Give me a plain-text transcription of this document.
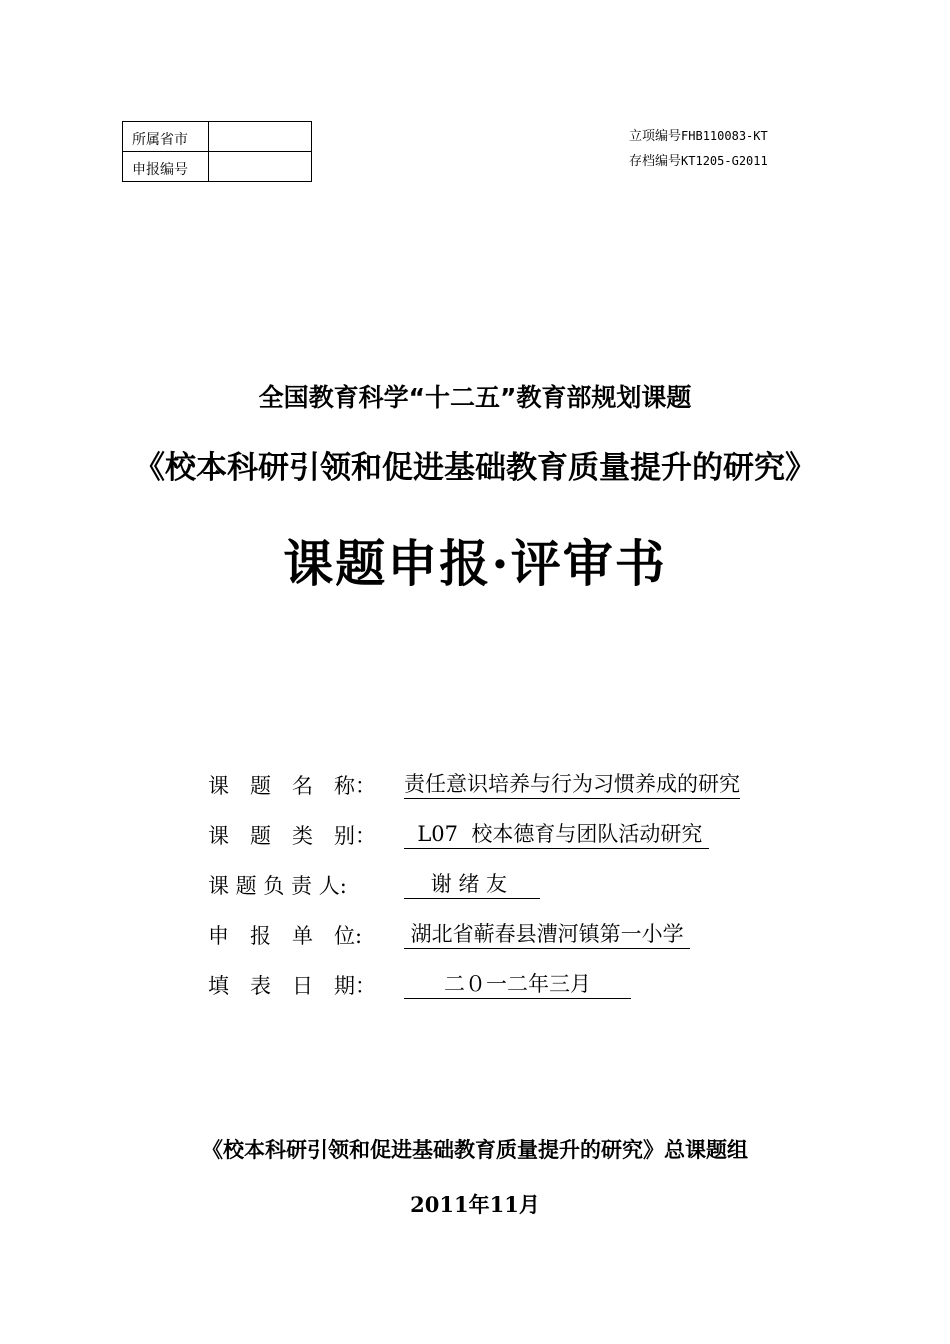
所属省市	
申报编号	
立项编号FHB110083-KT
存档编号KT1205-G2011
全国教育科学“十二五”教育部规划课题
《校本科研引领和促进基础教育质量提升的研究》
课题申报·评审书
课　题　名　称：	责任意识培养与行为习惯养成的研究
课　题　类　别：	L07  校本德育与团队活动研究
课 题 负 责 人:	谢 绪 友
申　报　单　位:	湖北省蕲春县漕河镇第一小学
填　表　日　期：	二０一二年三月
《校本科研引领和促进基础教育质量提升的研究》总课题组
2011年11月
